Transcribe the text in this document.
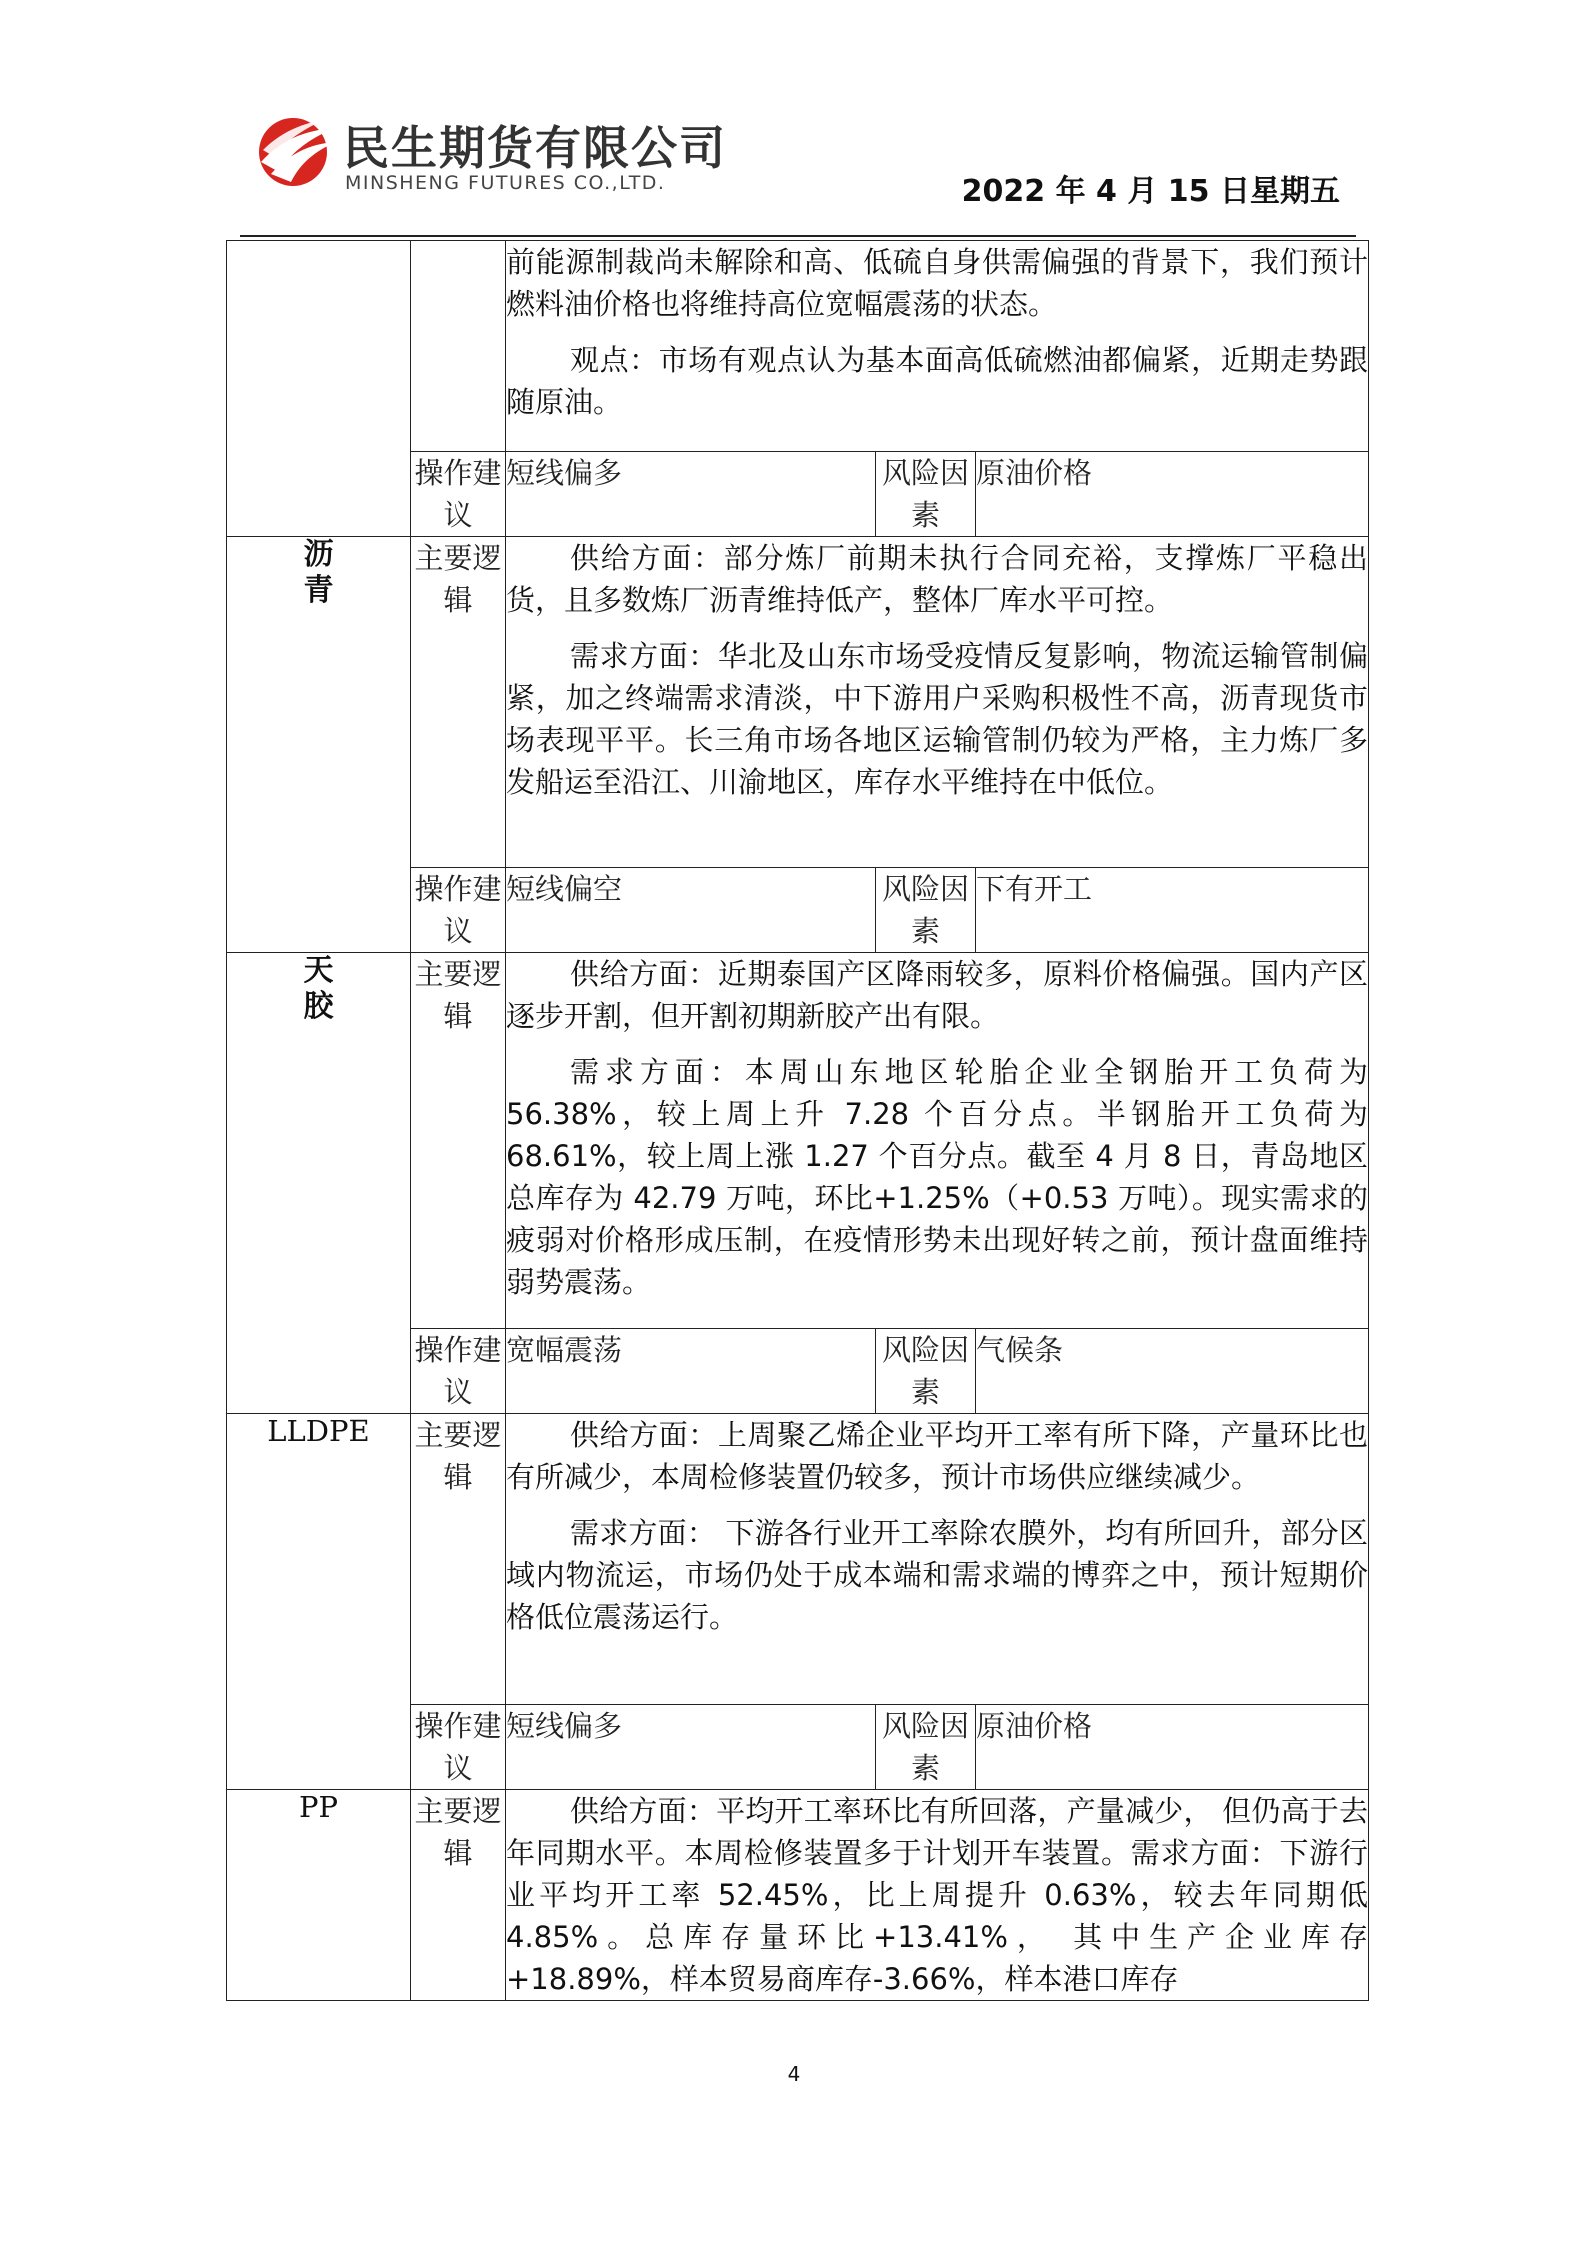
民生期货有限公司
MINSHENG FUTURES CO.,LTD.	2022 年 4 月 15 日星期五

		前能源制裁尚未解除和高、低硫自身供需偏强的背景下，我们预计燃料油价格也将维持高位宽幅震荡的状态。

观点：市场有观点认为基本面高低硫燃油都偏紧，近期走势跟随原油。		

	操作建议	短线偏多	风险因素	原油价格
沥青	主要逻辑	供给方面：部分炼厂前期未执行合同充裕，支撑炼厂平稳出货，且多数炼厂沥青维持低产，整体厂库水平可控。

需求方面：华北及山东市场受疫情反复影响，物流运输管制偏紧，加之终端需求清淡，中下游用户采购积极性不高，沥青现货市场表现平平。长三角市场各地区运输管制仍较为严格，主力炼厂多发船运至沿江、川渝地区，库存水平维持在中低位。		

	操作建议	短线偏空	风险因素	下有开工
天胶	主要逻辑	供给方面：近期泰国产区降雨较多，原料价格偏强。国内产区逐步开割，但开割初期新胶产出有限。

需求方面：本周山东地区轮胎企业全钢胎开工负荷为 56.38%，较上周上升 7.28 个百分点。半钢胎开工负荷为 68.61%，较上周上涨 1.27 个百分点。截至 4 月 8 日，青岛地区总库存为 42.79 万吨，环比+1.25%（+0.53 万吨）。现实需求的疲弱对价格形成压制，在疫情形势未出现好转之前，预计盘面维持弱势震荡。		

	操作建议	宽幅震荡	风险因素	气候条
LLDPE	主要逻辑	供给方面：上周聚乙烯企业平均开工率有所下降，产量环比也有所减少，本周检修装置仍较多，预计市场供应继续减少。

需求方面： 下游各行业开工率除农膜外，均有所回升，部分区域内物流运，市场仍处于成本端和需求端的博弈之中，预计短期价格低位震荡运行。		

	操作建议	短线偏多	风险因素	原油价格
PP	主要逻辑	供给方面：平均开工率环比有所回落，产量减少， 但仍高于去年同期水平。本周检修装置多于计划开车装置。需求方面：下游行业平均开工率 52.45%，比上周提升 0.63%，较去年同期低 4.85%。总库存量环比+13.41%， 其中生产企业库存+18.89%，样本贸易商库存-3.66%，样本港口库存		

4
